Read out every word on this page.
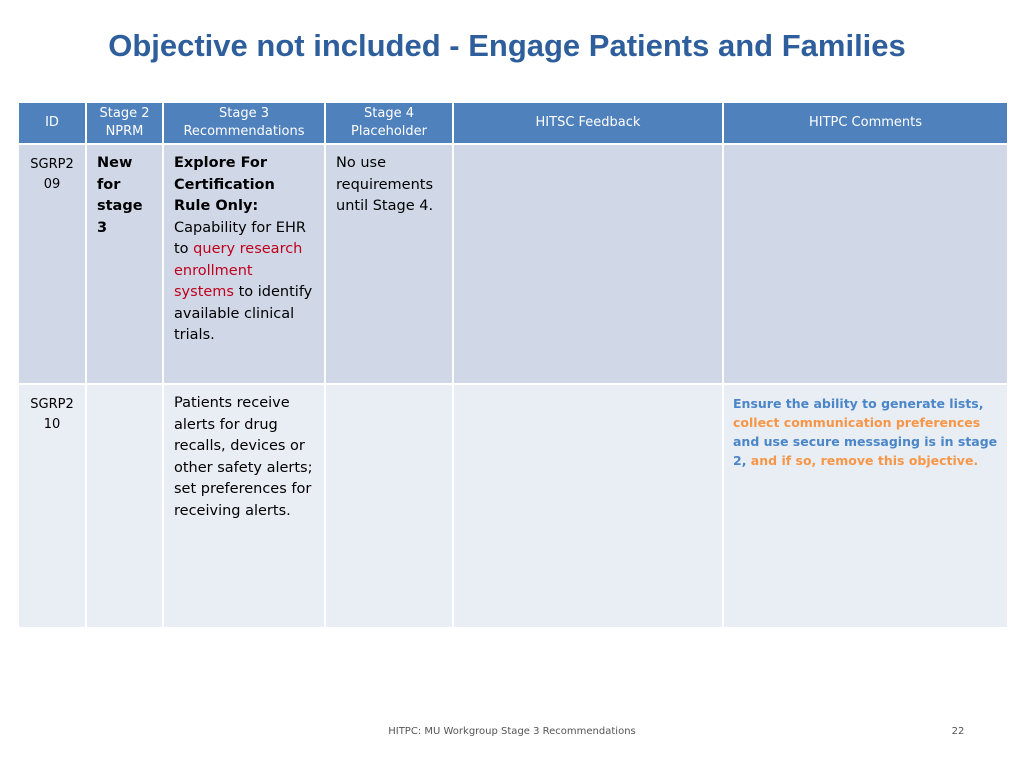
Objective not included - Engage Patients and Families
ID	Stage 2 NPRM	Stage 3 Recommendations	Stage 4 Placeholder	HITSC Feedback	HITPC Comments
SGRP2 09	New for stage 3	Explore For Certification Rule Only: Capability for EHR to query research enrollment systems to identify available clinical trials.	No use requirements until Stage 4.		
SGRP2 10		Patients receive alerts for drug recalls, devices or other safety alerts; set preferences for receiving alerts.			Ensure the ability to generate lists, collect communication preferences and use secure messaging is in stage 2, and if so, remove this objective.
HITPC: MU Workgroup Stage 3 Recommendations	22
